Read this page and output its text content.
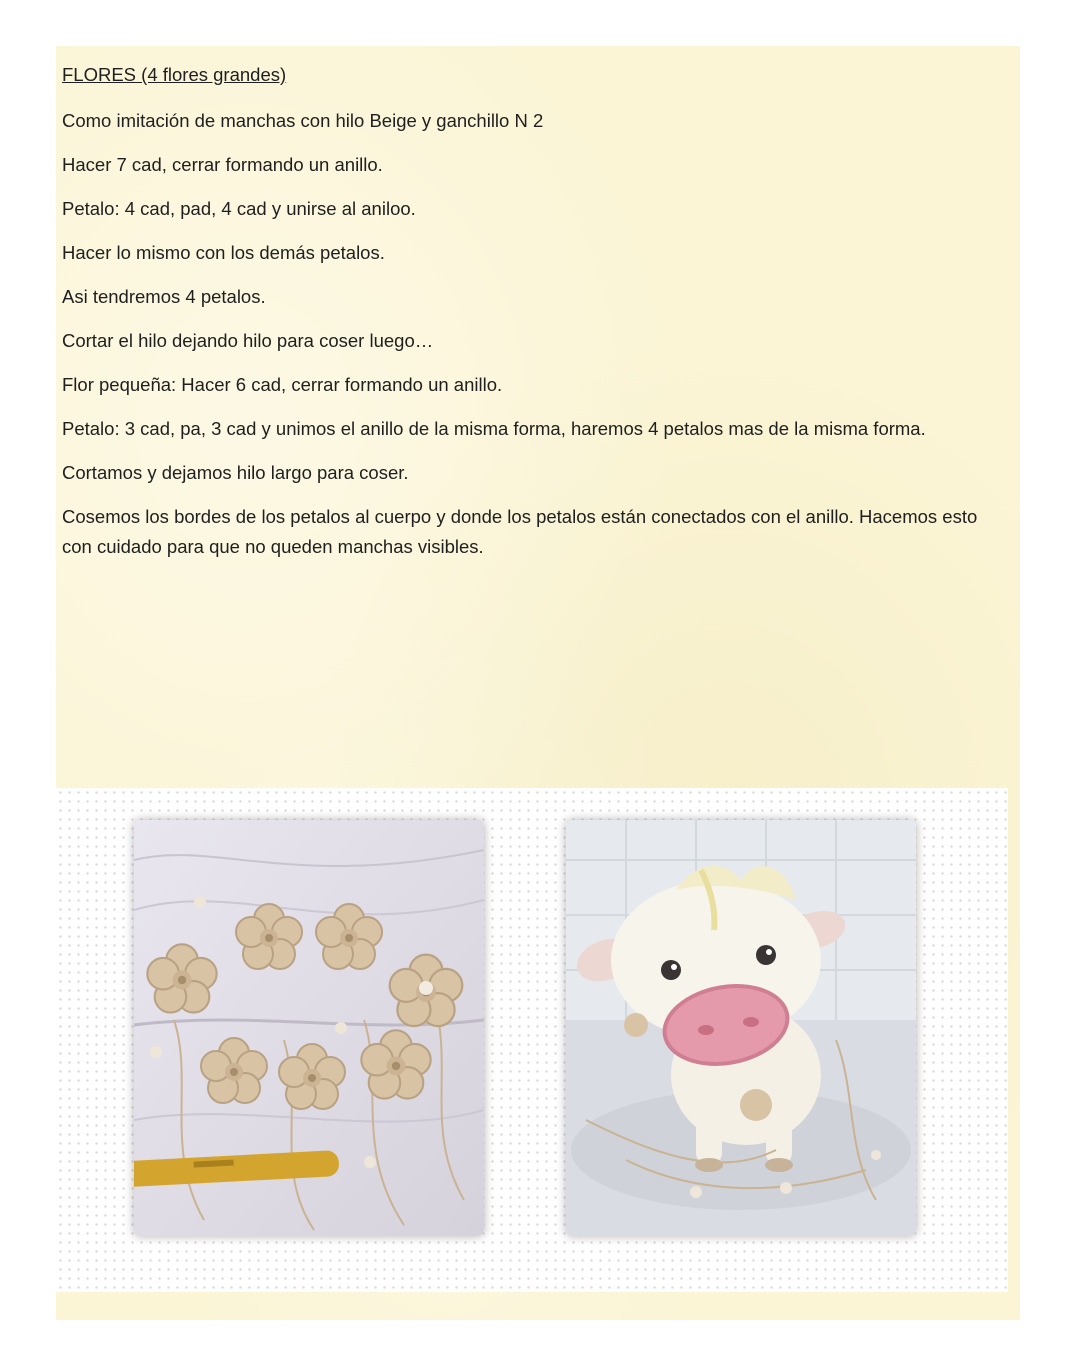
FLORES (4 flores grandes)
Como imitación de manchas con hilo Beige y ganchillo N 2
Hacer 7 cad, cerrar formando un anillo.
Petalo: 4 cad, pad, 4 cad y unirse al aniloo.
Hacer lo mismo con los demás petalos.
Asi tendremos 4 petalos.
Cortar el hilo dejando hilo para coser luego…
Flor pequeña: Hacer 6 cad, cerrar formando un anillo.
Petalo: 3 cad, pa, 3 cad y unimos el anillo de la misma forma, haremos 4 petalos mas de la misma forma.
Cortamos y dejamos hilo largo para coser.
Cosemos los bordes de los petalos al cuerpo y donde los petalos están conectados con el anillo. Hacemos esto con cuidado para que no queden manchas visibles.
